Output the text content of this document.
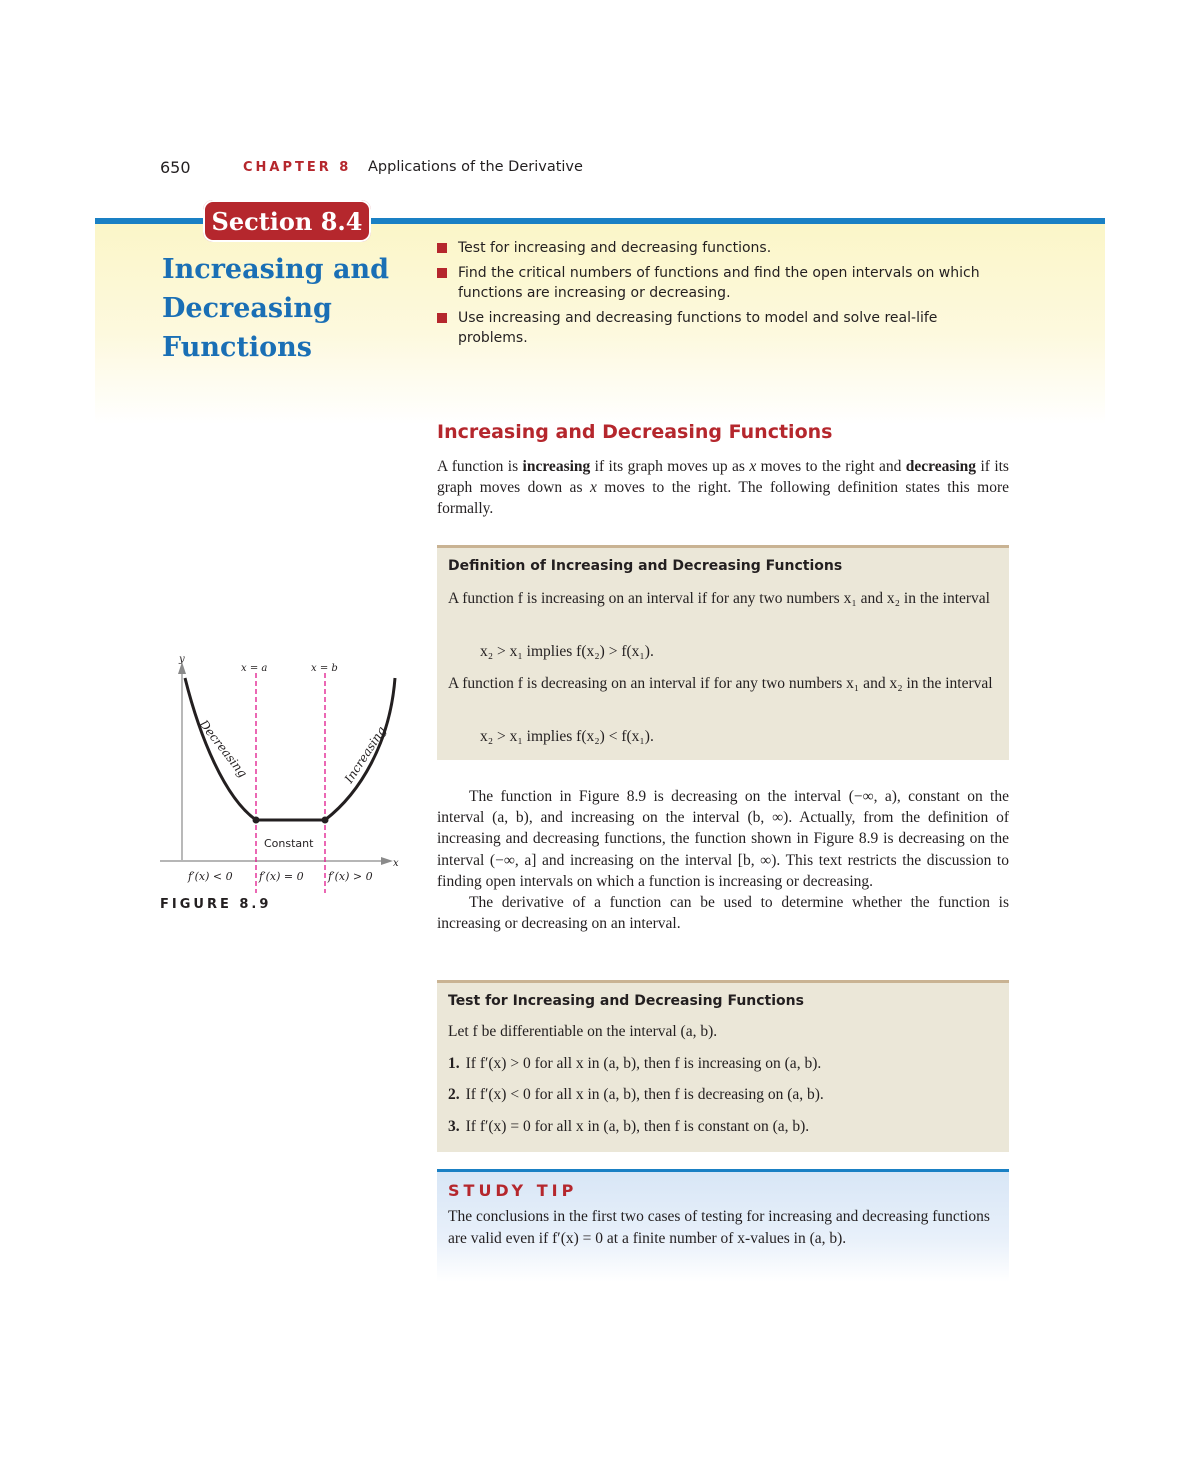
650	CHAPTER 8 Applications of the Derivative
Section 8.4
Increasing and
Decreasing
Functions
Test for increasing and decreasing functions.
Find the critical numbers of functions and find the open intervals on which functions are increasing or decreasing.
Use increasing and decreasing functions to model and solve real-life problems.
Increasing and Decreasing Functions

A function is increasing if its graph moves up as x moves to the right and decreasing if its graph moves down as x moves to the right. The following definition states this more formally.

Definition of Increasing and Decreasing Functions
A function f is increasing on an interval if for any two numbers x₁ and x₂ in the interval
x₂ > x₁ implies f(x₂) > f(x₁).
A function f is decreasing on an interval if for any two numbers x₁ and x₂ in the interval
x₂ > x₁ implies f(x₂) < f(x₁).

The function in Figure 8.9 is decreasing on the interval (−∞, a), constant on the interval (a, b), and increasing on the interval (b, ∞). Actually, from the definition of increasing and decreasing functions, the function shown in Figure 8.9 is decreasing on the interval (−∞, a] and increasing on the interval [b, ∞). This text restricts the discussion to finding open intervals on which a function is increasing or decreasing.

The derivative of a function can be used to determine whether the function is increasing or decreasing on an interval.

Test for Increasing and Decreasing Functions
Let f be differentiable on the interval (a, b).
1. If f′(x) > 0 for all x in (a, b), then f is increasing on (a, b).
2. If f′(x) < 0 for all x in (a, b), then f is decreasing on (a, b).
3. If f′(x) = 0 for all x in (a, b), then f is constant on (a, b).
STUDY TIP
The conclusions in the first two cases of testing for increasing and decreasing functions are valid even if f′(x) = 0 at a finite number of x-values in (a, b).
y
x
x = a	x = b
Decreasing	Increasing
Constant
f′(x) < 0 f′(x) = 0 f′(x) > 0
FIGURE 8.9
